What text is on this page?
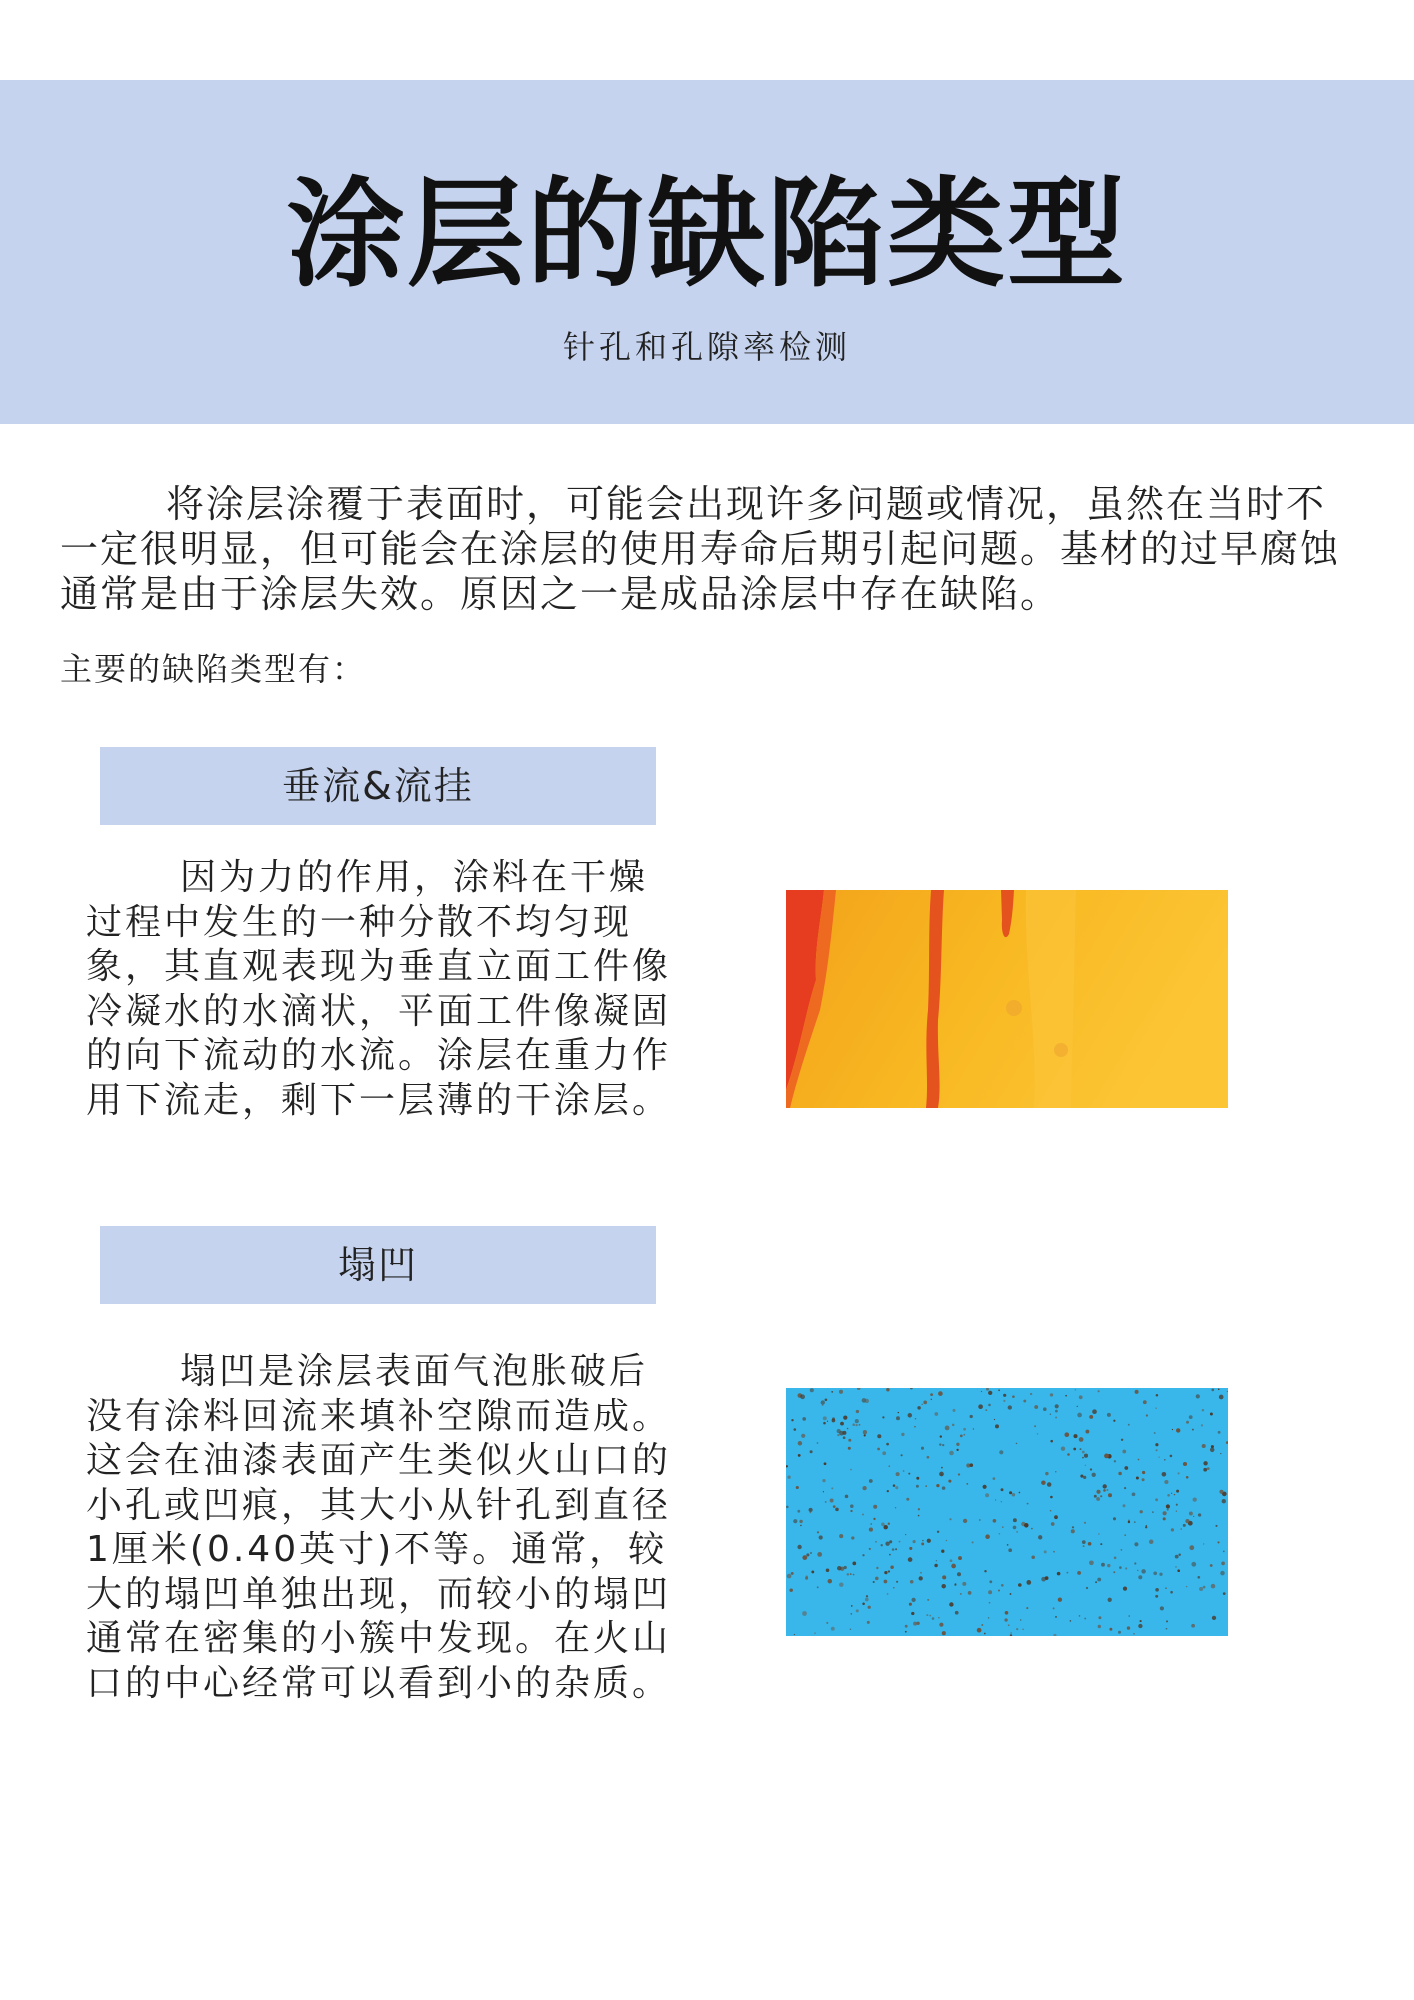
涂层的缺陷类型
针孔和孔隙率检测

将涂层涂覆于表面时，可能会出现许多问题或情况，虽然在当时不一定很明显，但可能会在涂层的使用寿命后期引起问题。基材的过早腐蚀通常是由于涂层失效。原因之一是成品涂层中存在缺陷。

主要的缺陷类型有：
垂流&流挂

因为力的作用，涂料在干燥过程中发生的一种分散不均匀现象，其直观表现为垂直立面工件像冷凝水的水滴状，平面工件像凝固的向下流动的水流。涂层在重力作用下流走，剩下一层薄的干涂层。

塌凹

塌凹是涂层表面气泡胀破后没有涂料回流来填补空隙而造成。
这会在油漆表面产生类似火山口的小孔或凹痕，其大小从针孔到直径1厘米(0.40英寸)不等。通常，较大的塌凹单独出现，而较小的塌凹通常在密集的小簇中发现。在火山口的中心经常可以看到小的杂质。
